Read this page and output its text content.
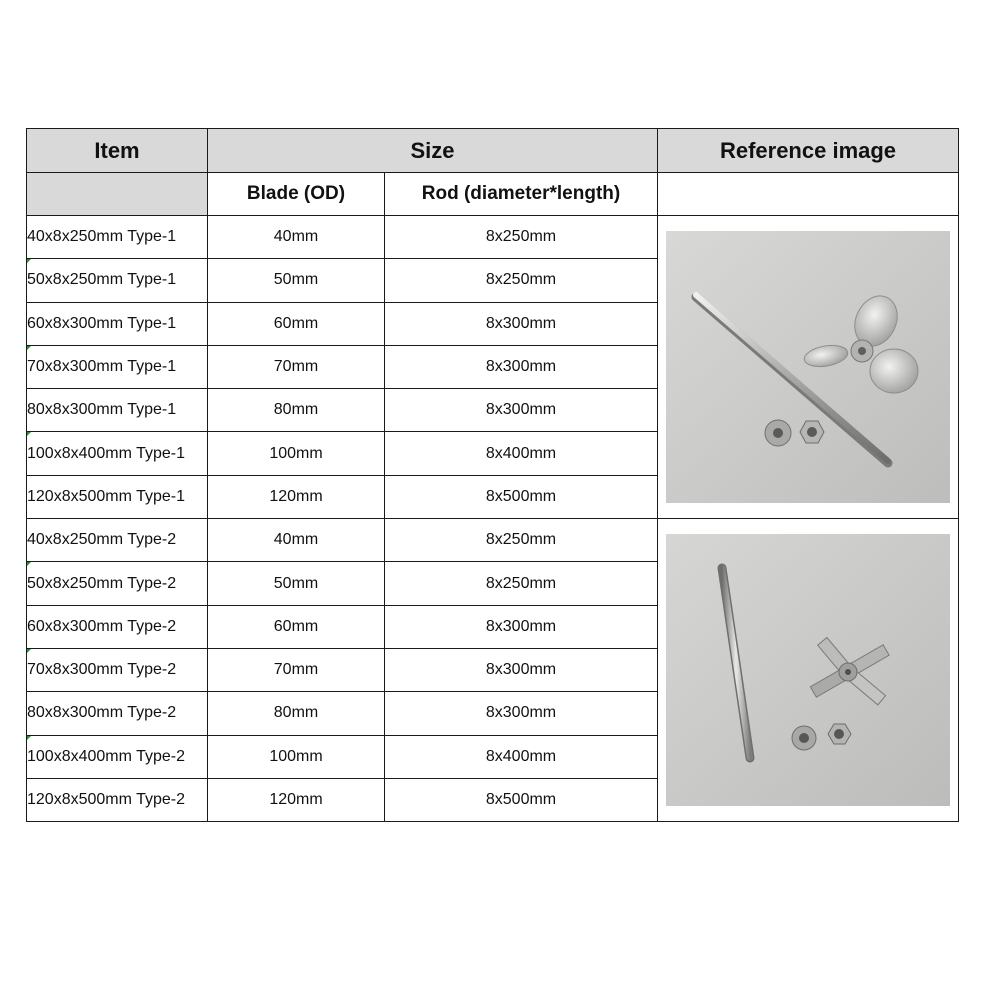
Item	Size		Reference image
	Blade (OD)	Rod (diameter*length)	
40x8x250mm Type-1	40mm	8x250mm	

50x8x250mm Type-1	50mm	8x250mm	
60x8x300mm Type-1	60mm	8x300mm	

70x8x300mm Type-1	70mm	8x300mm	
80x8x300mm Type-1	80mm	8x300mm	

100x8x400mm Type-1	100mm	8x400mm	
120x8x500mm Type-1	120mm	8x500mm	
40x8x250mm Type-2	40mm	8x250mm	

50x8x250mm Type-2	50mm	8x250mm	
60x8x300mm Type-2	60mm	8x300mm	

70x8x300mm Type-2	70mm	8x300mm	
80x8x300mm Type-2	80mm	8x300mm	

100x8x400mm Type-2	100mm	8x400mm	
120x8x500mm Type-2	120mm	8x500mm	
